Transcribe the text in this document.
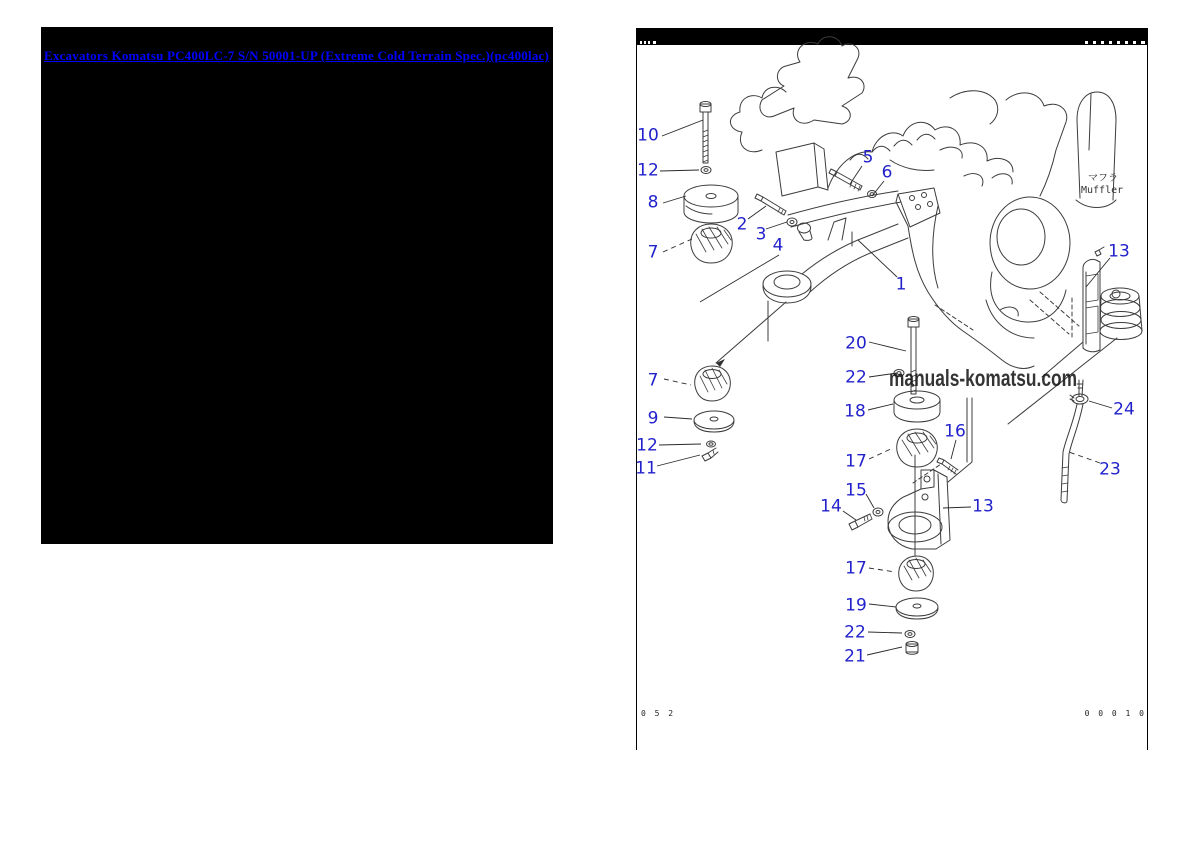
Excavators Komatsu PC400LC-7 S/N 50001-UP (Extreme Cold Terrain Spec.)(pc400lac)
マフラ
Muffler
manuals-komatsu.com
0 5 2	0 0 0 1 0
10
12
8
7
2 3
4
5
6
1
13
20
22
18
7
9
12
11	17
16
15
14	13
17
19
22
21
24
23
